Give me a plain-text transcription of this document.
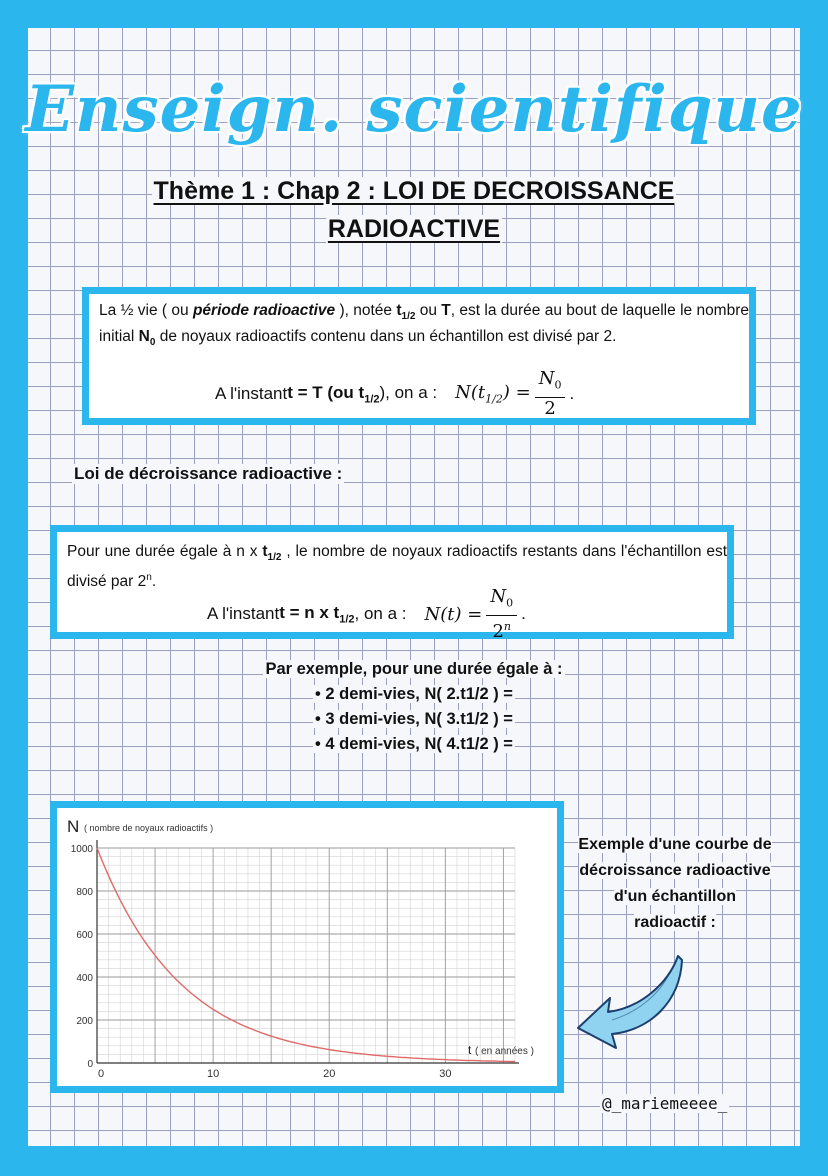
Enseign. scientifique
Thème 1 : Chap 2 : LOI DE DECROISSANCE
RADIOACTIVE
La ½ vie ( ou période radioactive ), notée $t_{1/2}$ ou T, est la durée au bout de laquelle le nombre initial $N_0$ de noyaux radioactifs contenu dans un échantillon est divisé par 2.
A l'instant t = T (ou $t_{1/2}$), on a : $N(t_{1/2}) = \frac{N_0}{2}$ .
Loi de décroissance radioactive :
Pour une durée égale à n x $t_{1/2}$ , le nombre de noyaux radioactifs restants dans l'échantillon est divisé par 2$^n$.
A l'instant t = n x $t_{1/2}$ , on a : $N(t) = \frac{N_0}{2^n}$ .
Par exemple, pour une durée égale à :
• 2 demi-vies, N( 2.t1/2 ) =
• 3 demi-vies, N( 3.t1/2 ) =
• 4 demi-vies, N( 4.t1/2 ) =
0
200
400
600
800
1000
0	10	20	30
N ( nombre de noyaux radioactifs )
t ( en années )
Exemple d'une courbe de
décroissance radioactive
d'un échantillon
radioactif :
@_mariemeeee_
